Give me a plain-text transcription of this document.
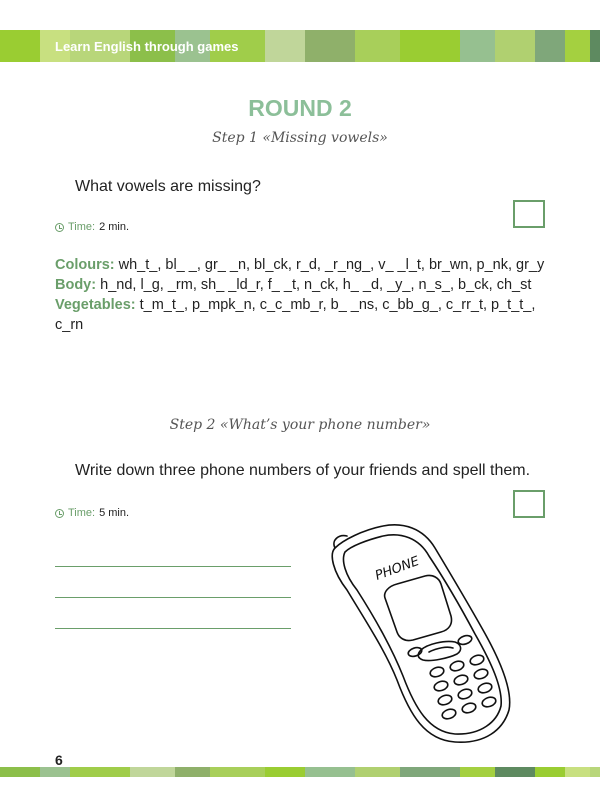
Learn English through games
ROUND 2
Step 1 «Missing vowels»
What vowels are missing?
Time: 2 min.

Colours: wh_t_, bl_ _, gr_ _n, bl_ck, r_d, _r_ng_, v_ _l_t, br_wn, p_nk, gr_y

Body: h_nd, l_g, _rm, sh_ _ld_r, f_ _t, n_ck, h_ _d, _y_, n_s_, b_ck, ch_st

Vegetables: t_m_t_, p_mpk_n, c_c_mb_r, b_ _ns, c_bb_g_, c_rr_t, p_t_t_, c_rn

Step 2 «What’s your phone number»
Write down three phone numbers of your friends and spell them.
Time: 5 min.
PHONE
6
